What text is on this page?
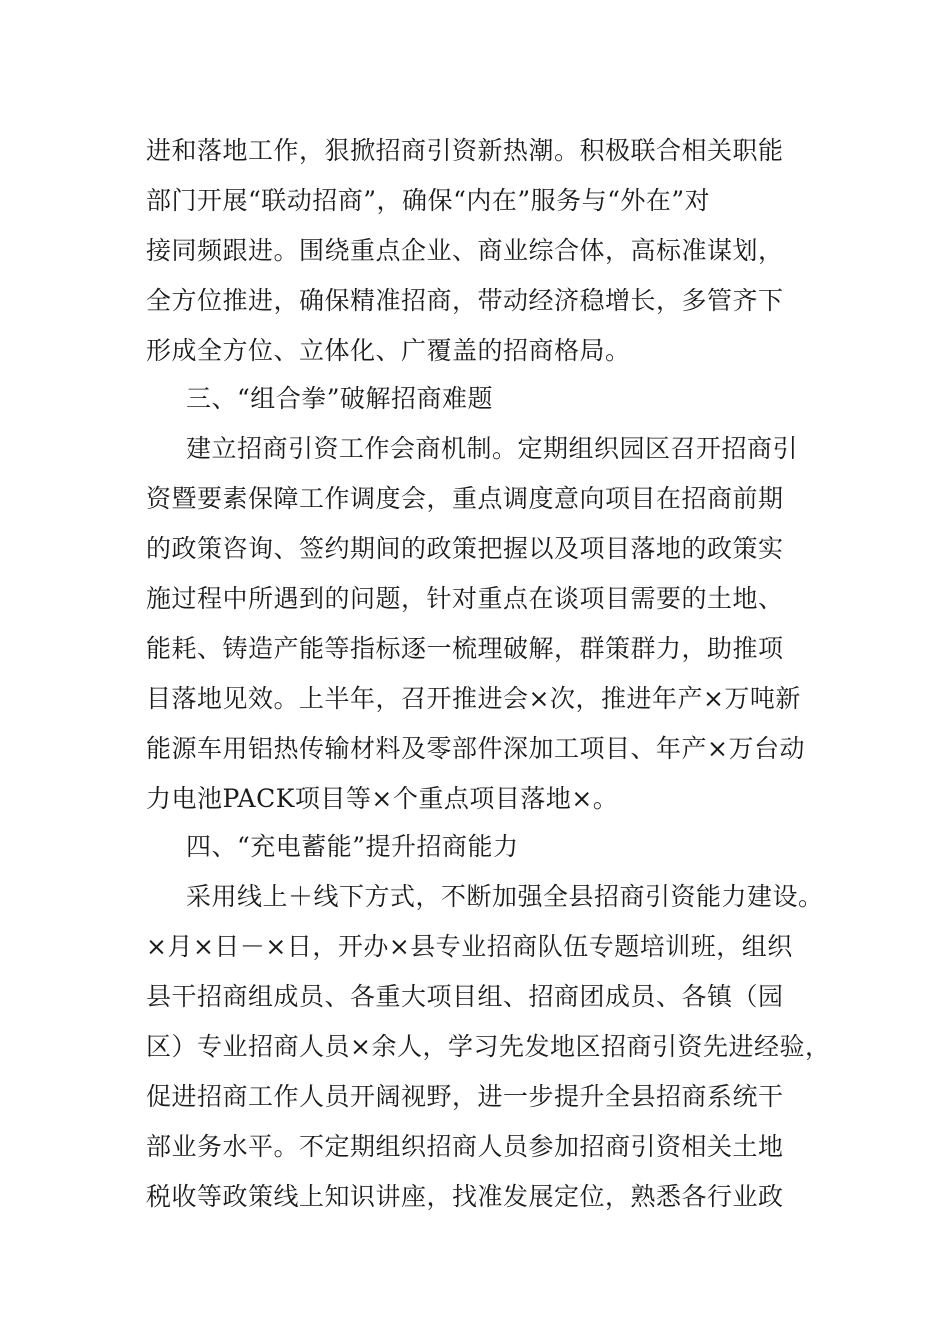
进和落地工作，狠掀招商引资新热潮。积极联合相关职能

部门开展“联动招商”，确保“内在”服务与“外在”对

接同频跟进。围绕重点企业、商业综合体，高标准谋划，

全方位推进，确保精准招商，带动经济稳增长，多管齐下

形成全方位、立体化、广覆盖的招商格局。

三、“组合拳”破解招商难题

建立招商引资工作会商机制。定期组织园区召开招商引

资暨要素保障工作调度会，重点调度意向项目在招商前期

的政策咨询、签约期间的政策把握以及项目落地的政策实

施过程中所遇到的问题，针对重点在谈项目需要的土地、

能耗、铸造产能等指标逐一梳理破解，群策群力，助推项

目落地见效。上半年，召开推进会×次，推进年产×万吨新

能源车用铝热传输材料及零部件深加工项目、年产×万台动

力电池PACK项目等×个重点项目落地×。

四、“充电蓄能”提升招商能力

采用线上＋线下方式，不断加强全县招商引资能力建设。

×月×日－×日，开办×县专业招商队伍专题培训班，组织

县干招商组成员、各重大项目组、招商团成员、各镇（园

区）专业招商人员×余人，学习先发地区招商引资先进经验，

促进招商工作人员开阔视野，进一步提升全县招商系统干

部业务水平。不定期组织招商人员参加招商引资相关土地

税收等政策线上知识讲座，找准发展定位，熟悉各行业政
